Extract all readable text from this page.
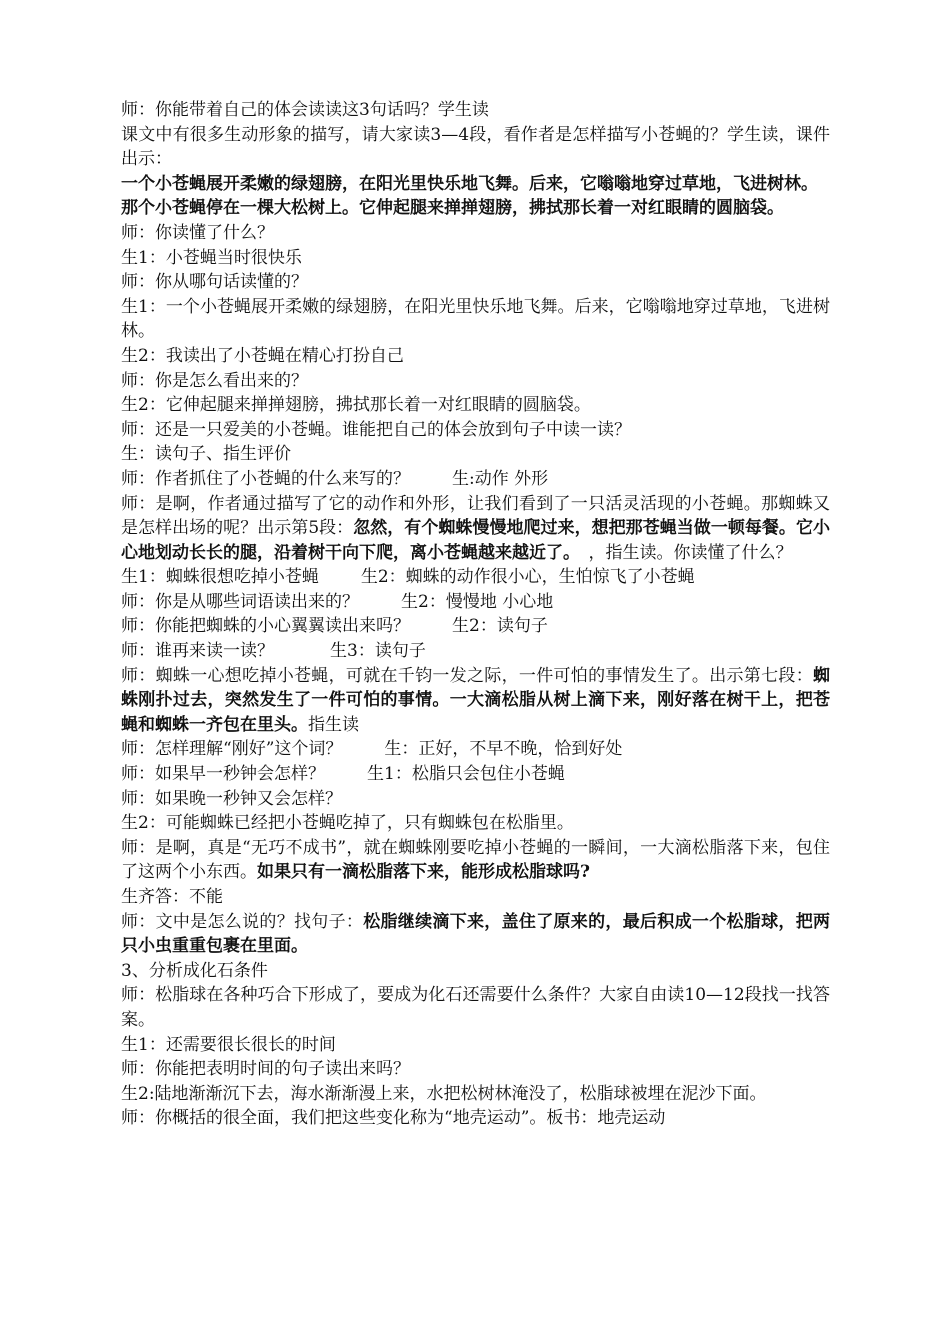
师：你能带着自己的体会读读这3句话吗？学生读

课文中有很多生动形象的描写，请大家读3—4段，看作者是怎样描写小苍蝇的？学生读，课件出示：

一个小苍蝇展开柔嫩的绿翅膀，在阳光里快乐地飞舞。后来，它嗡嗡地穿过草地，飞进树林。

那个小苍蝇停在一棵大松树上。它伸起腿来掸掸翅膀，拂拭那长着一对红眼睛的圆脑袋。

师：你读懂了什么？

生1：小苍蝇当时很快乐

师：你从哪句话读懂的？

生1：一个小苍蝇展开柔嫩的绿翅膀，在阳光里快乐地飞舞。后来，它嗡嗡地穿过草地，飞进树林。

生2：我读出了小苍蝇在精心打扮自己

师：你是怎么看出来的？

生2：它伸起腿来掸掸翅膀，拂拭那长着一对红眼睛的圆脑袋。

师：还是一只爱美的小苍蝇。谁能把自己的体会放到句子中读一读？

生：读句子、指生评价

师：作者抓住了小苍蝇的什么来写的？ 生:动作 外形

师：是啊，作者通过描写了它的动作和外形，让我们看到了一只活灵活现的小苍蝇。那蜘蛛又是怎样出场的呢？出示第5段：忽然，有个蜘蛛慢慢地爬过来，想把那苍蝇当做一顿每餐。它小心地划动长长的腿，沿着树干向下爬，离小苍蝇越来越近了。　，指生读。你读懂了什么？

生1：蜘蛛很想吃掉小苍蝇 生2：蜘蛛的动作很小心，生怕惊飞了小苍蝇

师：你是从哪些词语读出来的？ 生2：慢慢地 小心地

师：你能把蜘蛛的小心翼翼读出来吗？ 生2：读句子

师：谁再来读一读？	生3：读句子

师：蜘蛛一心想吃掉小苍蝇，可就在千钧一发之际，一件可怕的事情发生了。出示第七段：蜘蛛刚扑过去，突然发生了一件可怕的事情。一大滴松脂从树上滴下来，刚好落在树干上，把苍蝇和蜘蛛一齐包在里头。指生读

师：怎样理解“刚好”这个词？ 生：正好，不早不晚，恰到好处

师：如果早一秒钟会怎样？ 生1：松脂只会包住小苍蝇

师：如果晚一秒钟又会怎样？

生2：可能蜘蛛已经把小苍蝇吃掉了，只有蜘蛛包在松脂里。

师：是啊，真是“无巧不成书”，就在蜘蛛刚要吃掉小苍蝇的一瞬间，一大滴松脂落下来，包住了这两个小东西。如果只有一滴松脂落下来，能形成松脂球吗?

生齐答：不能

师：文中是怎么说的？找句子：松脂继续滴下来，盖住了原来的，最后积成一个松脂球，把两只小虫重重包裹在里面。

3、分析成化石条件

师：松脂球在各种巧合下形成了，要成为化石还需要什么条件？大家自由读10—12段找一找答案。

生1：还需要很长很长的时间

师：你能把表明时间的句子读出来吗？

生2:陆地渐渐沉下去，海水渐渐漫上来，水把松树林淹没了，松脂球被埋在泥沙下面。

师：你概括的很全面，我们把这些变化称为“地壳运动”。板书：地壳运动
